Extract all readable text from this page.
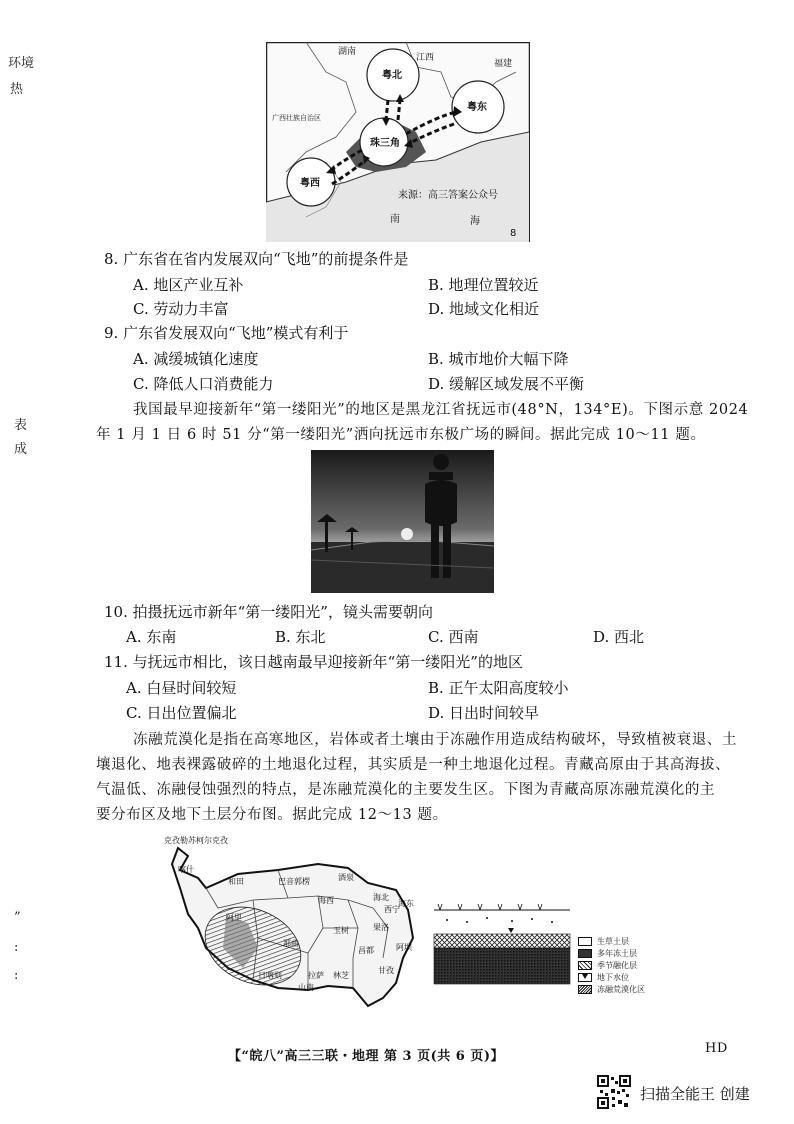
环境
热
表
成
湖南
江西
福建
广西壮族自治区
粤北
粤东
粤西
珠三角
来源：高三答案公众号
南	海
8
8. 广东省在省内发展双向“飞地”的前提条件是
A. 地区产业互补	B. 地理位置较近
C. 劳动力丰富	D. 地域文化相近
9. 广东省发展双向“飞地”模式有利于
A. 减缓城镇化速度	B. 城市地价大幅下降
C. 降低人口消费能力	D. 缓解区域发展不平衡
我国最早迎接新年“第一缕阳光”的地区是黑龙江省抚远市(48°N，134°E)。下图示意 2024
年 1 月 1 日 6 时 51 分“第一缕阳光”洒向抚远市东极广场的瞬间。据此完成 10～11 题。
10. 拍摄抚远市新年“第一缕阳光”，镜头需要朝向
A. 东南	B. 东北	C. 西南	D. 西北
11. 与抚远市相比，该日越南最早迎接新年“第一缕阳光”的地区
A. 白昼时间较短	B. 正午太阳高度较小
C. 日出位置偏北	D. 日出时间较早
冻融荒漠化是指在高寒地区，岩体或者土壤由于冻融作用造成结构破坏，导致植被衰退、土
壤退化、地表裸露破碎的土地退化过程，其实质是一种土地退化过程。青藏高原由于其高海拔、
气温低、冻融侵蚀强烈的特点，是冻融荒漠化的主要发生区。下图为青藏高原冻融荒漠化的主
要分布区及地下土层分布图。据此完成 12～13 题。
克孜勒苏柯尔克孜
喀什
和田	巴音郭楞	酒泉
海西	海北
西宁
海东
玉树	果洛
阿坝
昌都
甘孜
那曲
日喀则	拉萨
山南
林芝
阿里
生草土层
多年冻土层
季节融化层
地下水位
冻融荒漠化区
”
:
:
【“皖八”高三三联・地理 第 3 页(共 6 页)】
HD
扫描全能王 创建
